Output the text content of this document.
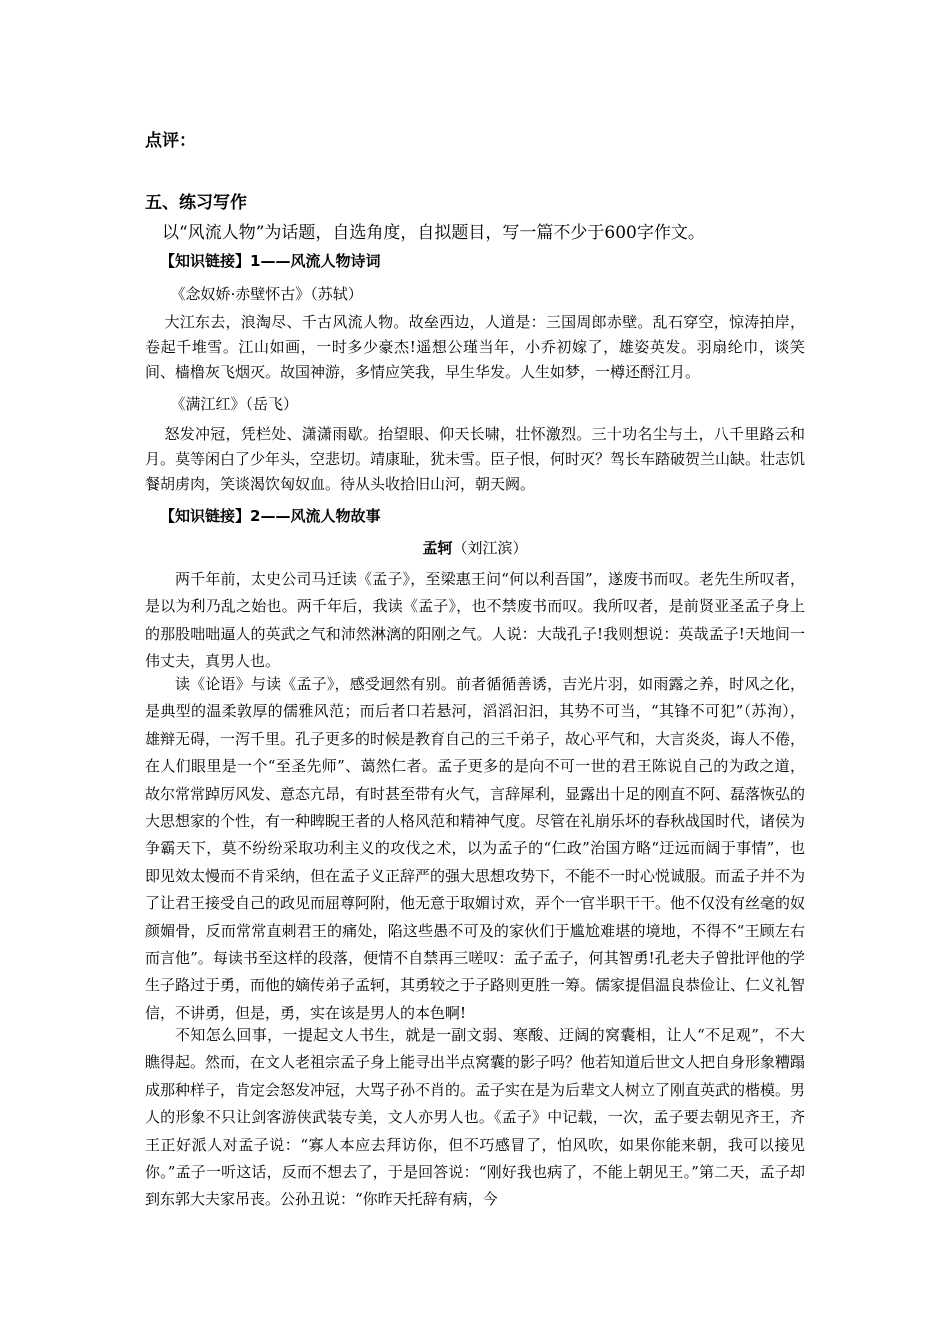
点评：
五、练习写作
以“风流人物”为话题，自选角度，自拟题目，写一篇不少于600字作文。
【知识链接】1——风流人物诗词
《念奴娇·赤壁怀古》（苏轼）
大江东去，浪淘尽、千古风流人物。故垒西边，人道是：三国周郎赤壁。乱石穿空，惊涛拍岸，卷起千堆雪。江山如画，一时多少豪杰!遥想公瑾当年，小乔初嫁了，雄姿英发。羽扇纶巾，谈笑间、樯橹灰飞烟灭。故国神游，多情应笑我，早生华发。人生如梦，一樽还酹江月。
《满江红》（岳飞）
怒发冲冠，凭栏处、潇潇雨歇。抬望眼、仰天长啸，壮怀激烈。三十功名尘与土，八千里路云和月。莫等闲白了少年头，空悲切。靖康耻，犹未雪。臣子恨，何时灭？驾长车踏破贺兰山缺。壮志饥餐胡虏肉，笑谈渴饮匈奴血。待从头收拾旧山河，朝天阙。
【知识链接】2——风流人物故事
孟轲（刘江滨）
两千年前，太史公司马迁读《孟子》，至梁惠王问“何以利吾国”，遂废书而叹。老先生所叹者，是以为利乃乱之始也。两千年后，我读《孟子》，也不禁废书而叹。我所叹者，是前贤亚圣孟子身上的那股咄咄逼人的英武之气和沛然淋漓的阳刚之气。人说：大哉孔子!我则想说：英哉孟子!天地间一伟丈夫，真男人也。
读《论语》与读《孟子》，感受迥然有别。前者循循善诱，吉光片羽，如雨露之养，时风之化，是典型的温柔敦厚的儒雅风范；而后者口若悬河，滔滔汩汩，其势不可当，“其锋不可犯”（苏洵），雄辩无碍，一泻千里。孔子更多的时候是教育自己的三千弟子，故心平气和，大言炎炎，诲人不倦，在人们眼里是一个“至圣先师”、蔼然仁者。孟子更多的是向不可一世的君王陈说自己的为政之道，故尔常常踔厉风发、意态亢昂，有时甚至带有火气，言辞犀利，显露出十足的刚直不阿、磊落恢弘的大思想家的个性，有一种睥睨王者的人格风范和精神气度。尽管在礼崩乐坏的春秋战国时代，诸侯为争霸天下，莫不纷纷采取功利主义的攻伐之术，以为孟子的“仁政”治国方略“迂远而阔于事情”，也即见效太慢而不肯采纳，但在孟子义正辞严的强大思想攻势下，不能不一时心悦诚服。而孟子并不为了让君王接受自己的政见而屈尊阿附，他无意于取媚讨欢，弄个一官半职干干。他不仅没有丝毫的奴颜媚骨，反而常常直刺君王的痛处，陷这些愚不可及的家伙们于尴尬难堪的境地，不得不“王顾左右而言他”。每读书至这样的段落，便情不自禁再三嗟叹：孟子孟子，何其智勇!孔老夫子曾批评他的学生子路过于勇，而他的嫡传弟子孟轲，其勇较之于子路则更胜一筹。儒家提倡温良恭俭让、仁义礼智信，不讲勇，但是，勇，实在该是男人的本色啊!
不知怎么回事，一提起文人书生，就是一副文弱、寒酸、迂阔的窝囊相，让人“不足观”，不大瞧得起。然而，在文人老祖宗孟子身上能寻出半点窝囊的影子吗？他若知道后世文人把自身形象糟蹋成那种样子，肯定会怒发冲冠，大骂子孙不肖的。孟子实在是为后辈文人树立了刚直英武的楷模。男人的形象不只让剑客游侠武装专美，文人亦男人也。《孟子》中记载，一次，孟子要去朝见齐王，齐王正好派人对孟子说：“寡人本应去拜访你，但不巧感冒了，怕风吹，如果你能来朝，我可以接见你。”孟子一听这话，反而不想去了，于是回答说：“刚好我也病了，不能上朝见王。”第二天，孟子却到东郭大夫家吊丧。公孙丑说：“你昨天托辞有病，今
